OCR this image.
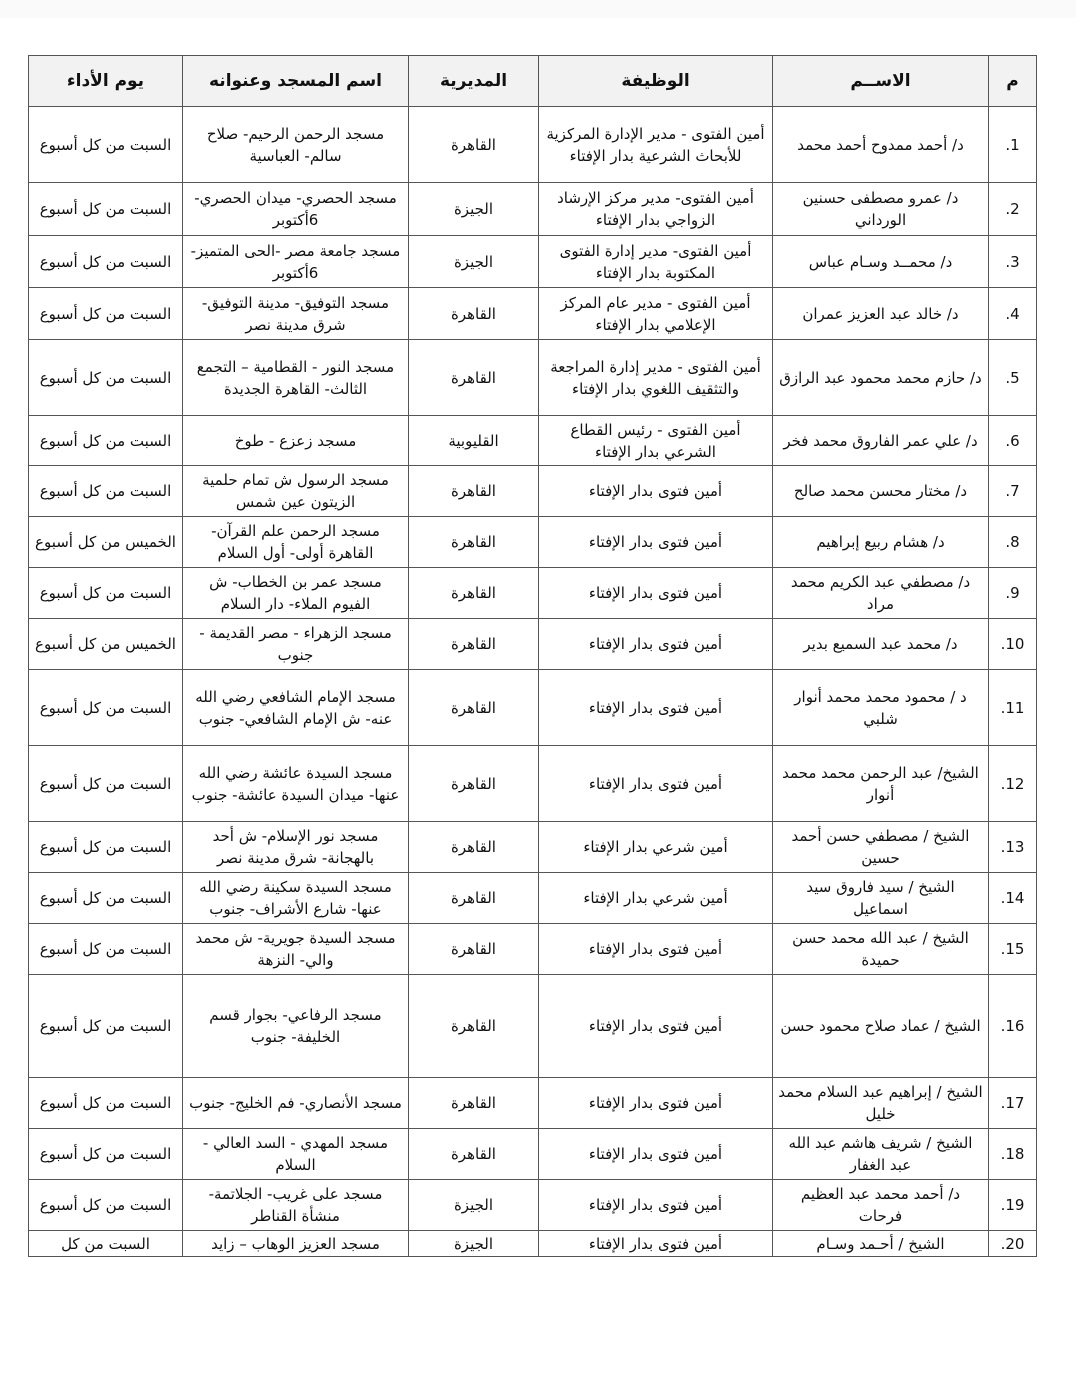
م	الاســم	الوظيفة	المديرية	اسم المسجد وعنوانه	يوم الأداء
1.	د/ أحمد ممدوح أحمد محمد	أمين الفتوى - مدير الإدارة المركزية للأبحاث الشرعية بدار الإفتاء	القاهرة	مسجد الرحمن الرحيم- صلاح سالم- العباسية	السبت من كل أسبوع
2.	د/ عمرو مصطفى حسنين الورداني	أمين الفتوى- مدير مركز الإرشاد الزواجي بدار الإفتاء	الجيزة	مسجد الحصري- ميدان الحصري- 6أكتوبر	السبت من كل أسبوع
3.	د/ محمــد وسـام عباس	أمين الفتوى- مدير إدارة الفتوى المكتوبة بدار الإفتاء	الجيزة	مسجد جامعة مصر -الحى المتميز- 6أكتوبر	السبت من كل أسبوع
4.	د/ خالد عبد العزيز عمران	أمين الفتوى - مدير عام المركز الإعلامي بدار الإفتاء	القاهرة	مسجد التوفيق- مدينة التوفيق- شرق مدينة نصر	السبت من كل أسبوع
5.	د/ حازم محمد محمود عبد الرازق	أمين الفتوى - مدير إدارة المراجعة والتثقيف اللغوي بدار الإفتاء	القاهرة	مسجد النور - القطامية – التجمع الثالث- القاهرة الجديدة	السبت من كل أسبوع
6.	د/ علي عمر الفاروق محمد فخر	أمين الفتوى - رئيس القطاع الشرعي بدار الإفتاء	القليوبية	مسجد زعزع - طوخ	السبت من كل أسبوع
7.	د/ مختار محسن محمد صالح	أمين فتوى بدار الإفتاء	القاهرة	مسجد الرسول ش تمام حلمية الزيتون عين شمس	السبت من كل أسبوع
8.	د/ هشام ربيع إبراهيم	أمين فتوى بدار الإفتاء	القاهرة	مسجد الرحمن علم القرآن- القاهرة أولى- أول السلام	الخميس من كل أسبوع
9.	د/ مصطفي عبد الكريم محمد مراد	أمين فتوى بدار الإفتاء	القاهرة	مسجد عمر بن الخطاب- ش الفيوم الملاء- دار السلام	السبت من كل أسبوع
10.	د/ محمد عبد السميع بدير	أمين فتوى بدار الإفتاء	القاهرة	مسجد الزهراء - مصر القديمة - جنوب	الخميس من كل أسبوع
11.	د / محمود محمد محمد أنوار شلبي	أمين فتوى بدار الإفتاء	القاهرة	مسجد الإمام الشافعي رضي الله عنه- ش الإمام الشافعي- جنوب	السبت من كل أسبوع
12.	الشيخ/ عبد الرحمن محمد محمد أنوار	أمين فتوى بدار الإفتاء	القاهرة	مسجد السيدة عائشة رضي الله عنها- ميدان السيدة عائشة- جنوب	السبت من كل أسبوع
13.	الشيخ / مصطفي حسن أحمد حسين	أمين شرعي بدار الإفتاء	القاهرة	مسجد نور الإسلام- ش أحد بالهجانة- شرق مدينة نصر	السبت من كل أسبوع
14.	الشيخ / سيد فاروق سيد اسماعيل	أمين شرعي بدار الإفتاء	القاهرة	مسجد السيدة سكينة رضي الله عنها- شارع الأشراف- جنوب	السبت من كل أسبوع
15.	الشيخ / عبد الله محمد حسن حميدة	أمين فتوى بدار الإفتاء	القاهرة	مسجد السيدة جويرية- ش محمد والي- النزهة	السبت من كل أسبوع
16.	الشيخ / عماد صلاح محمود حسن	أمين فتوى بدار الإفتاء	القاهرة	مسجد الرفاعي- بجوار قسم الخليفة- جنوب	السبت من كل أسبوع
17.	الشيخ / إبراهيم عبد السلام محمد خليل	أمين فتوى بدار الإفتاء	القاهرة	مسجد الأنصاري- فم الخليج- جنوب	السبت من كل أسبوع
18.	الشيخ / شريف هاشم عبد الله عبد الغفار	أمين فتوى بدار الإفتاء	القاهرة	مسجد المهدي - السد العالي - السلام	السبت من كل أسبوع
19.	د/ أحمد محمد عبد العظيم فرحات	أمين فتوى بدار الإفتاء	الجيزة	مسجد على غريب- الجلاتمة- منشأة القناطر	السبت من كل أسبوع
20.	الشيخ / أحـمد وسـام	أمين فتوى بدار الإفتاء	الجيزة	مسجد العزيز الوهاب – زايد	السبت من كل
